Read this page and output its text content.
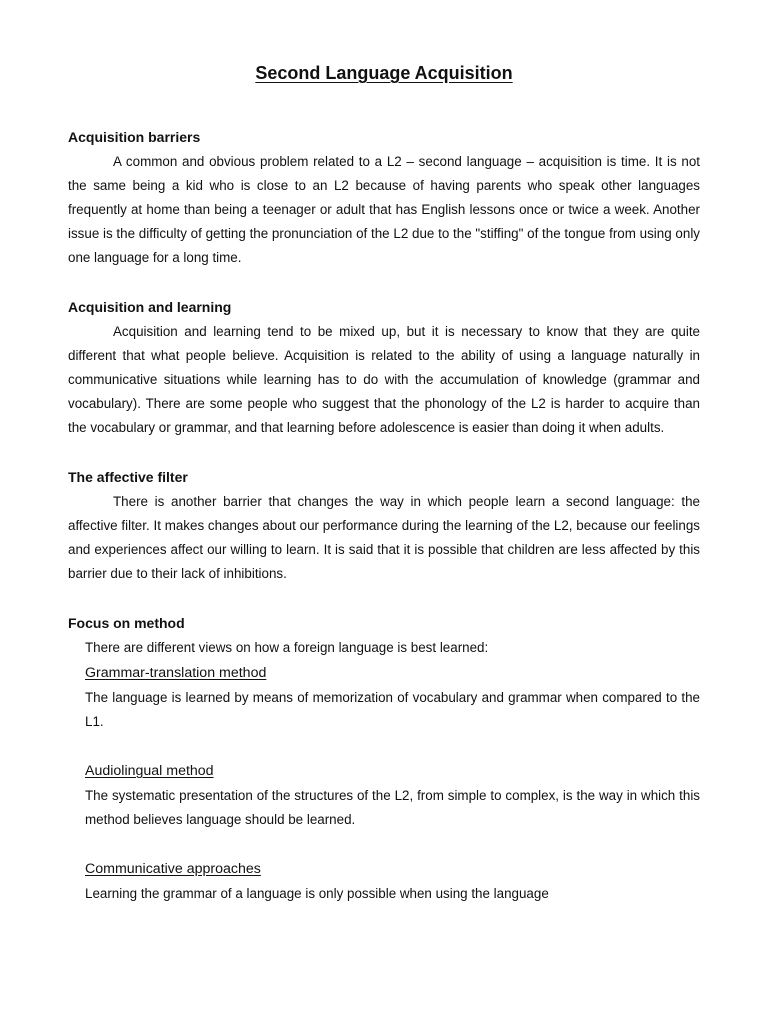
Second Language Acquisition
Acquisition barriers

A common and obvious problem related to a L2 – second language – acquisition is time. It is not the same being a kid who is close to an L2 because of having parents who speak other languages frequently at home than being a teenager or adult that has English lessons once or twice a week. Another issue is the difficulty of getting the pronunciation of the L2 due to the "stiffing" of the tongue from using only one language for a long time.

Acquisition and learning

Acquisition and learning tend to be mixed up, but it is necessary to know that they are quite different that what people believe. Acquisition is related to the ability of using a language naturally in communicative situations while learning has to do with the accumulation of knowledge (grammar and vocabulary). There are some people who suggest that the phonology of the L2 is harder to acquire than the vocabulary or grammar, and that learning before adolescence is easier than doing it when adults.

The affective filter

There is another barrier that changes the way in which people learn a second language: the affective filter. It makes changes about our performance during the learning of the L2, because our feelings and experiences affect our willing to learn. It is said that it is possible that children are less affected by this barrier due to their lack of inhibitions.

Focus on method

There are different views on how a foreign language is best learned:

Grammar-translation method

The language is learned by means of memorization of vocabulary and grammar when compared to the L1.

Audiolingual method

The systematic presentation of the structures of the L2, from simple to complex, is the way in which this method believes language should be learned.

Communicative approaches

Learning the grammar of a language is only possible when using the language
